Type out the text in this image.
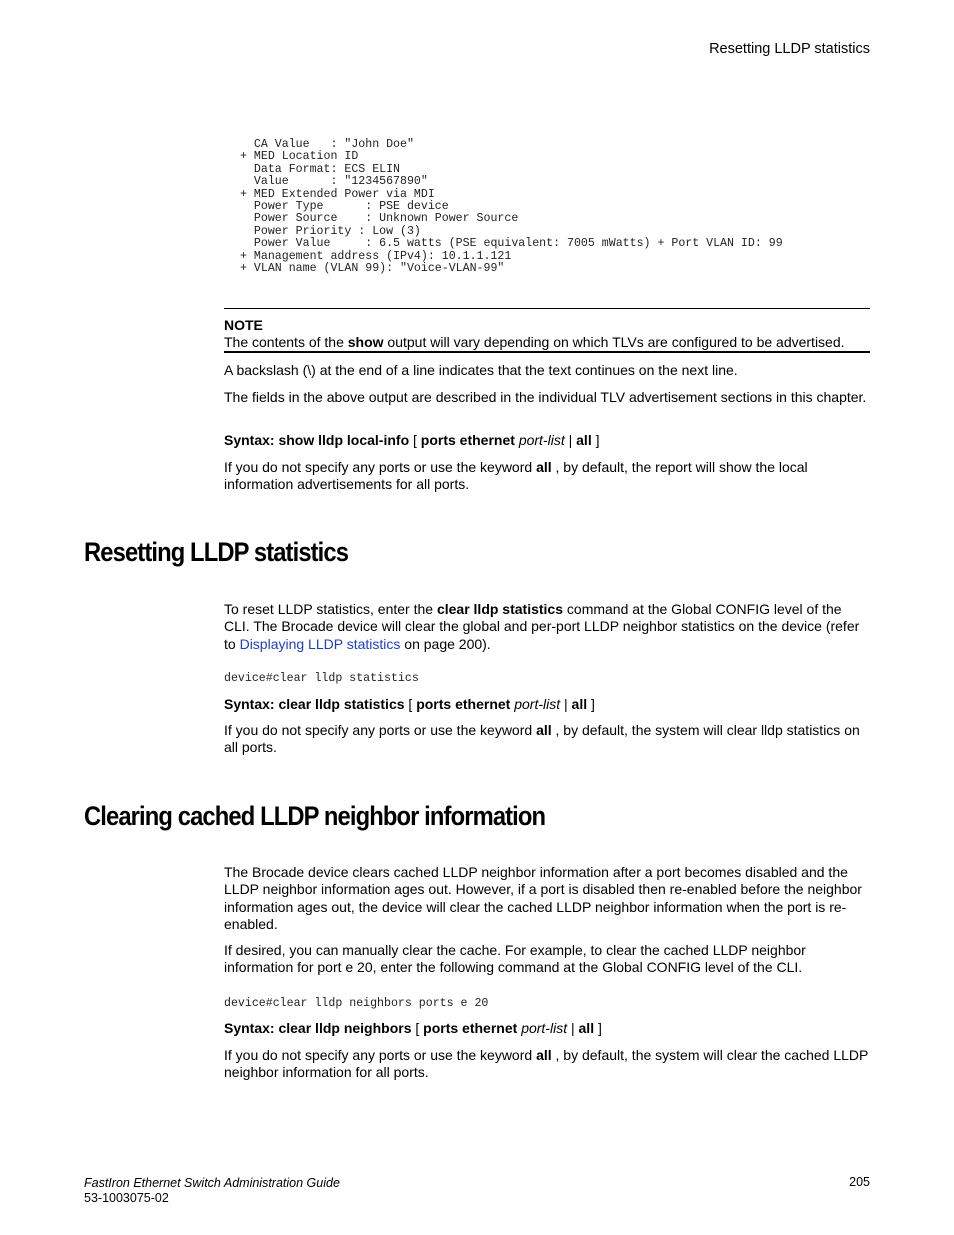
Resetting LLDP statistics
CA Value   : "John Doe"
+ MED Location ID
Data Format: ECS ELIN
Value      : "1234567890"
+ MED Extended Power via MDI
Power Type      : PSE device
Power Source    : Unknown Power Source
Power Priority : Low (3)
Power Value     : 6.5 watts (PSE equivalent: 7005 mWatts) + Port VLAN ID: 99
+ Management address (IPv4): 10.1.1.121
+ VLAN name (VLAN 99): "Voice-VLAN-99"
NOTE
The contents of the show output will vary depending on which TLVs are configured to be advertised.

A backslash (\) at the end of a line indicates that the text continues on the next line.

The fields in the above output are described in the individual TLV advertisement sections in this chapter.

Syntax: show lldp local-info [ ports ethernet port-list | all ]

If you do not specify any ports or use the keyword all , by default, the report will show the local information advertisements for all ports.

Resetting LLDP statistics

To reset LLDP statistics, enter the clear lldp statistics command at the Global CONFIG level of the CLI. The Brocade device will clear the global and per-port LLDP neighbor statistics on the device (refer to Displaying LLDP statistics on page 200).

device#clear lldp statistics
Syntax: clear lldp statistics [ ports ethernet port-list | all ]

If you do not specify any ports or use the keyword all , by default, the system will clear lldp statistics on all ports.

Clearing cached LLDP neighbor information

The Brocade device clears cached LLDP neighbor information after a port becomes disabled and the LLDP neighbor information ages out. However, if a port is disabled then re-enabled before the neighbor information ages out, the device will clear the cached LLDP neighbor information when the port is re-enabled.

If desired, you can manually clear the cache. For example, to clear the cached LLDP neighbor information for port e 20, enter the following command at the Global CONFIG level of the CLI.

device#clear lldp neighbors ports e 20
Syntax: clear lldp neighbors [ ports ethernet port-list | all ]

If you do not specify any ports or use the keyword all , by default, the system will clear the cached LLDP neighbor information for all ports.

FastIron Ethernet Switch Administration Guide
53-1003075-02
205
